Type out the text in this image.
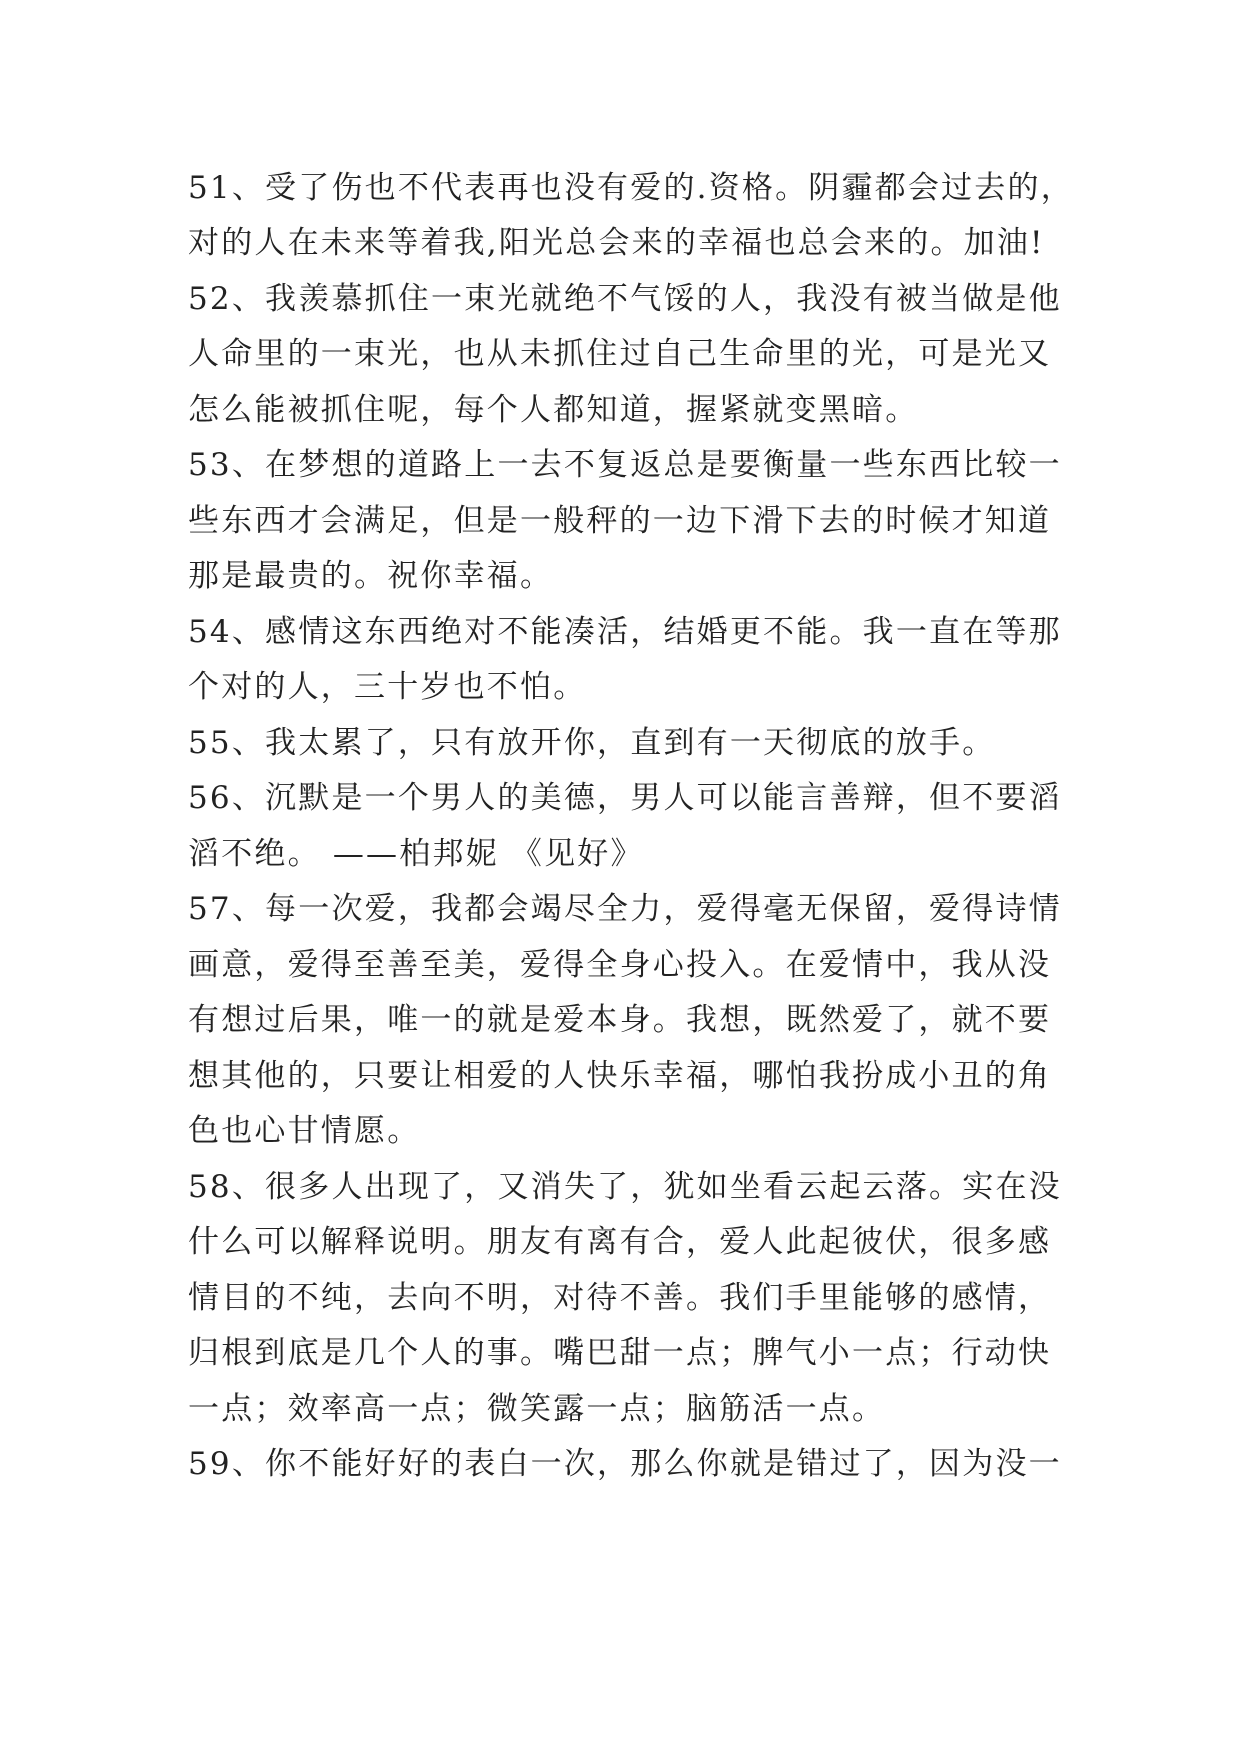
51、受了伤也不代表再也没有爱的.资格。阴霾都会过去的，
对的人在未来等着我,阳光总会来的幸福也总会来的。加油!
52、我羡慕抓住一束光就绝不气馁的人，我没有被当做是他
人命里的一束光，也从未抓住过自己生命里的光，可是光又
怎么能被抓住呢，每个人都知道，握紧就变黑暗。
53、在梦想的道路上一去不复返总是要衡量一些东西比较一
些东西才会满足，但是一般秤的一边下滑下去的时候才知道
那是最贵的。祝你幸福。
54、感情这东西绝对不能凑活，结婚更不能。我一直在等那
个对的人，三十岁也不怕。
55、我太累了，只有放开你，直到有一天彻底的放手。
56、沉默是一个男人的美德，男人可以能言善辩，但不要滔
滔不绝。 ——柏邦妮 《见好》
57、每一次爱，我都会竭尽全力，爱得毫无保留，爱得诗情
画意，爱得至善至美，爱得全身心投入。在爱情中，我从没
有想过后果，唯一的就是爱本身。我想，既然爱了，就不要
想其他的，只要让相爱的人快乐幸福，哪怕我扮成小丑的角
色也心甘情愿。
58、很多人出现了，又消失了，犹如坐看云起云落。实在没
什么可以解释说明。朋友有离有合，爱人此起彼伏，很多感
情目的不纯，去向不明，对待不善。我们手里能够的感情，
归根到底是几个人的事。嘴巴甜一点；脾气小一点；行动快
一点；效率高一点；微笑露一点；脑筋活一点。
59、你不能好好的表白一次，那么你就是错过了，因为没一
